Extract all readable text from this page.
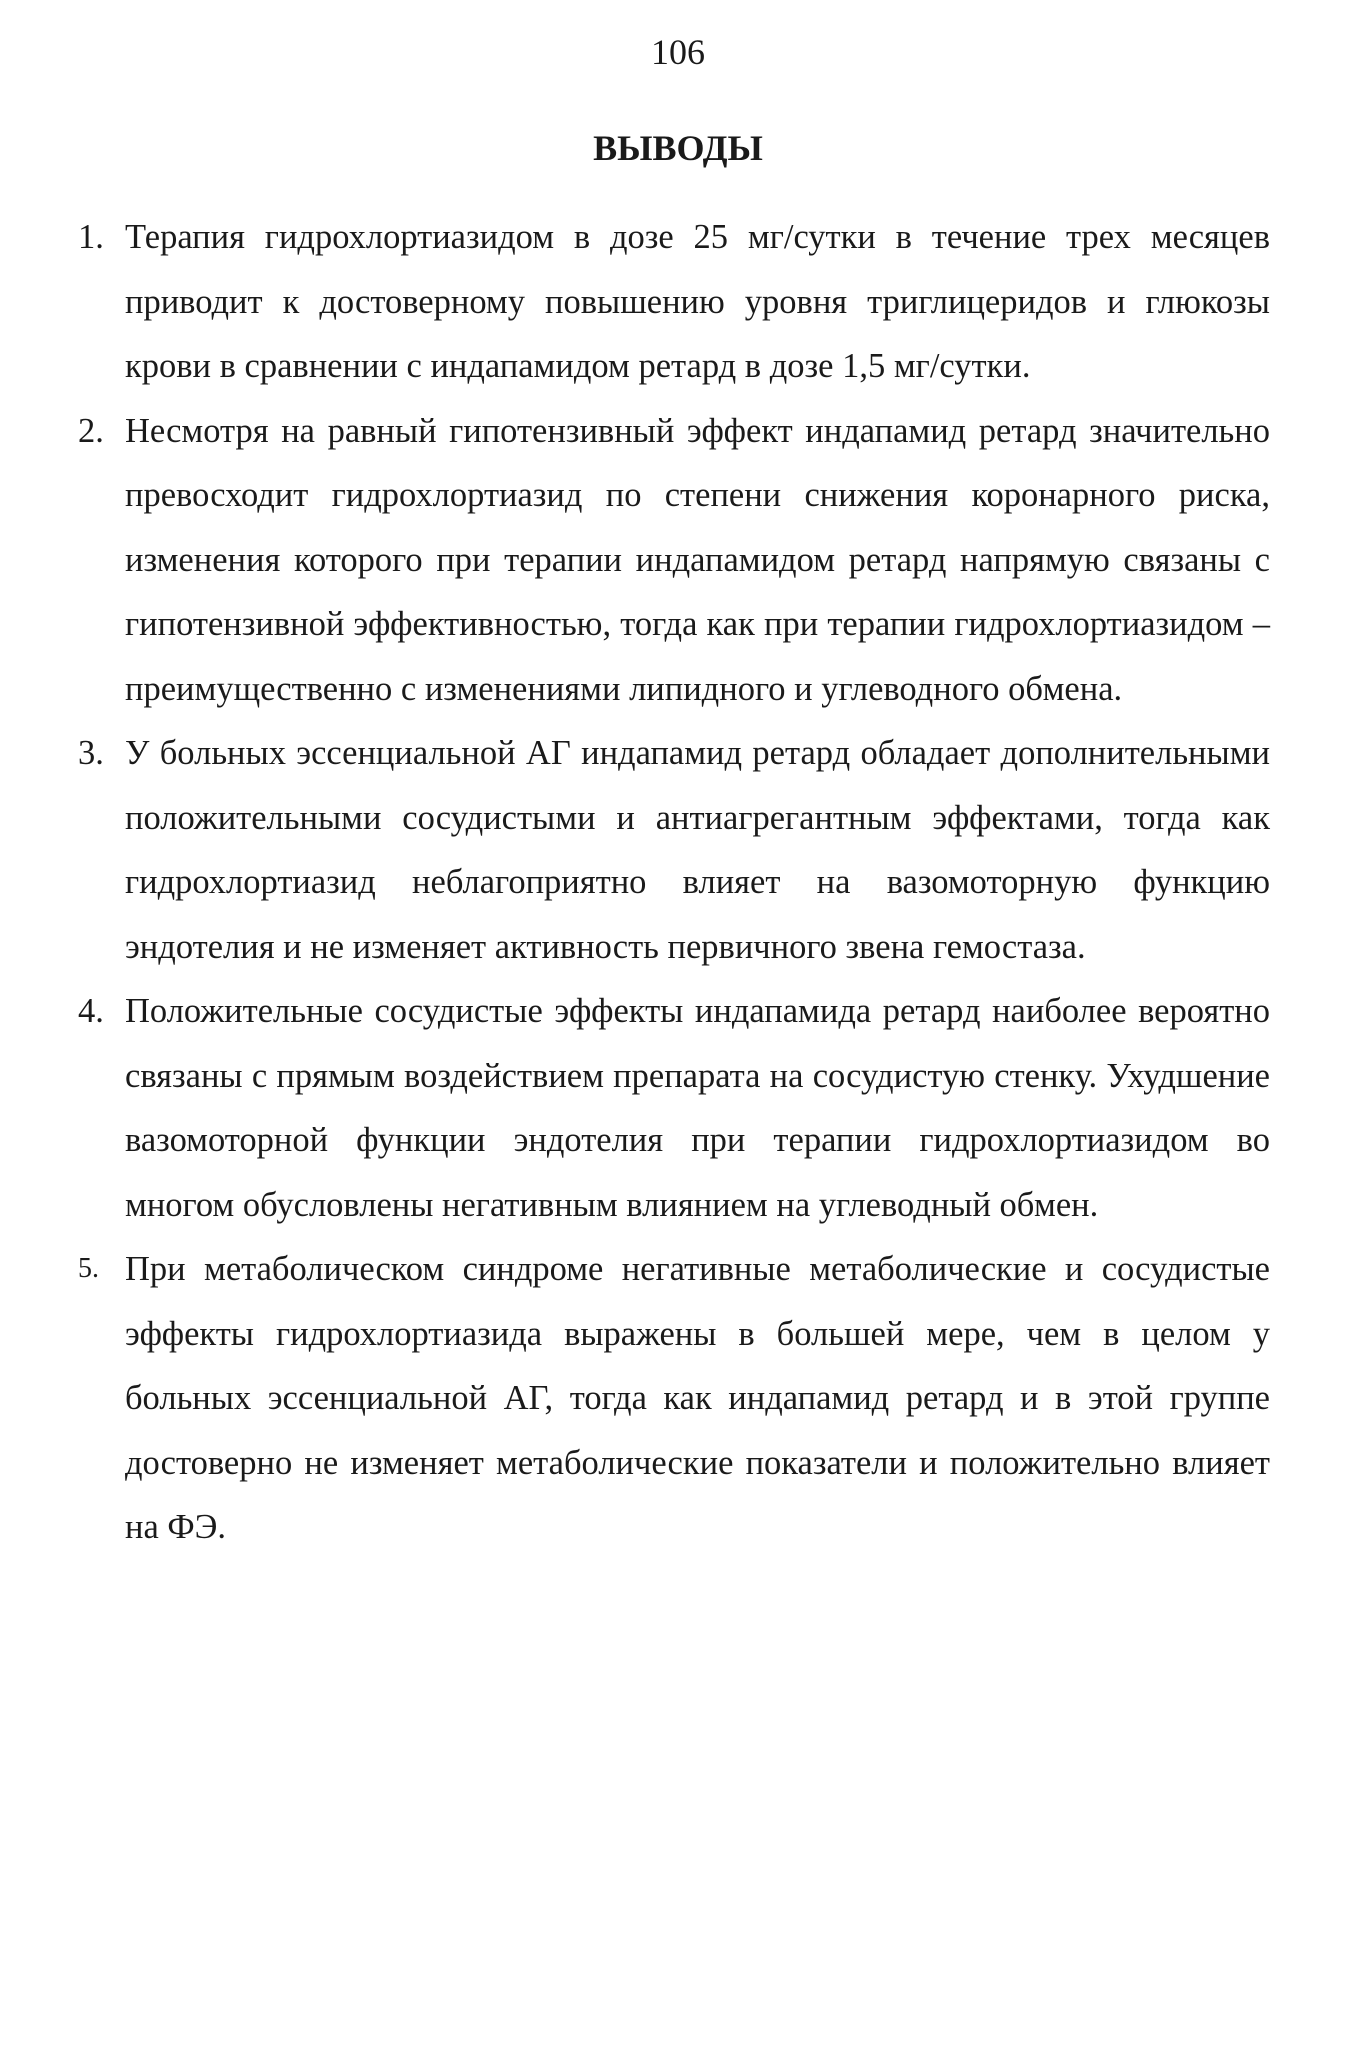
106
ВЫВОДЫ
1. Терапия гидрохлортиазидом в дозе 25 мг/сутки в течение трех месяцев приводит к достоверному повышению уровня триглицеридов и глюкозы крови в сравнении с индапамидом ретард в дозе 1,5 мг/сутки.
2. Несмотря на равный гипотензивный эффект индапамид ретард значительно превосходит гидрохлортиазид по степени снижения коронарного риска, изменения которого при терапии индапамидом ретард напрямую связаны с гипотензивной эффективностью, тогда как при терапии гидрохлортиазидом – преимущественно с изменениями липидного и углеводного обмена.
3. У больных эссенциальной АГ индапамид ретард обладает дополнительными положительными сосудистыми и антиагрегантным эффектами, тогда как гидрохлортиазид неблагоприятно влияет на вазомоторную функцию эндотелия и не изменяет активность первичного звена гемостаза.
4. Положительные сосудистые эффекты индапамида ретард наиболее вероятно связаны с прямым воздействием препарата на сосудистую стенку. Ухудшение вазомоторной функции эндотелия при терапии гидрохлортиазидом во многом обусловлены негативным влиянием на углеводный обмен.
5. При метаболическом синдроме негативные метаболические и сосудистые эффекты гидрохлортиазида выражены в большей мере, чем в целом у больных эссенциальной АГ, тогда как индапамид ретард и в этой группе достоверно не изменяет метаболические показатели и положительно влияет на ФЭ.
